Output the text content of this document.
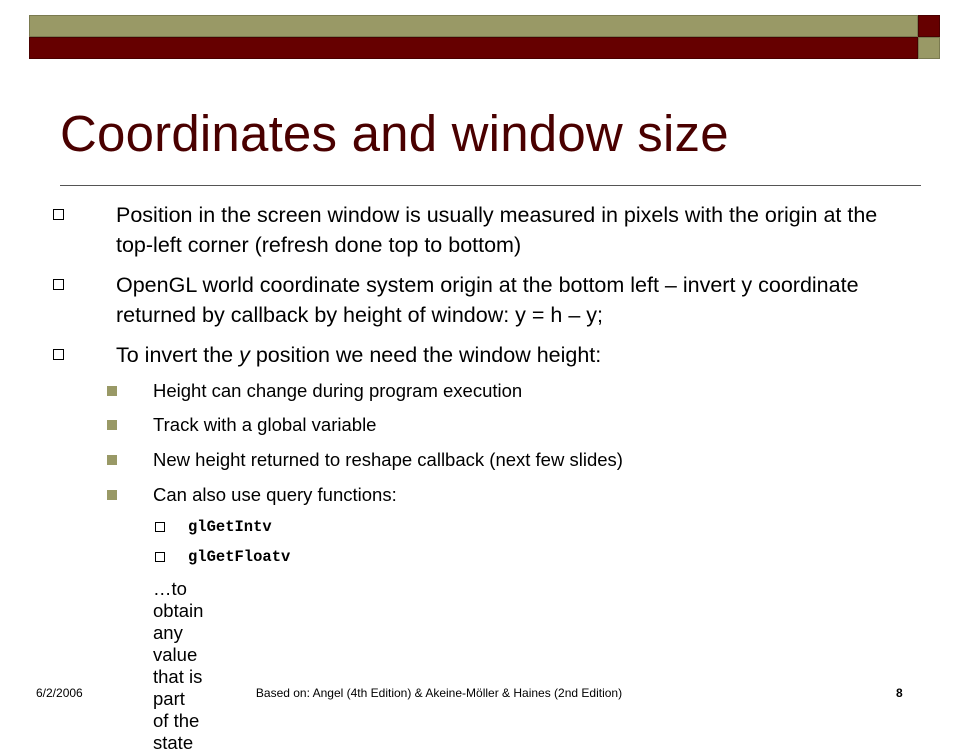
Coordinates and window size
Position in the screen window is usually measured in pixels with the origin at the top-left corner (refresh done top to bottom)
OpenGL world coordinate system origin at the bottom left – invert y coordinate returned by callback by height of window: y = h – y;
To invert the y position we need the window height:
Height can change during program execution
Track with a global variable
New height returned to reshape callback (next few slides)
Can also use query functions:
glGetIntv
glGetFloatv
…to obtain any value that is part of the state
6/2/2006	Based on: Angel (4th Edition) & Akeine-Möller & Haines (2nd Edition)	8
